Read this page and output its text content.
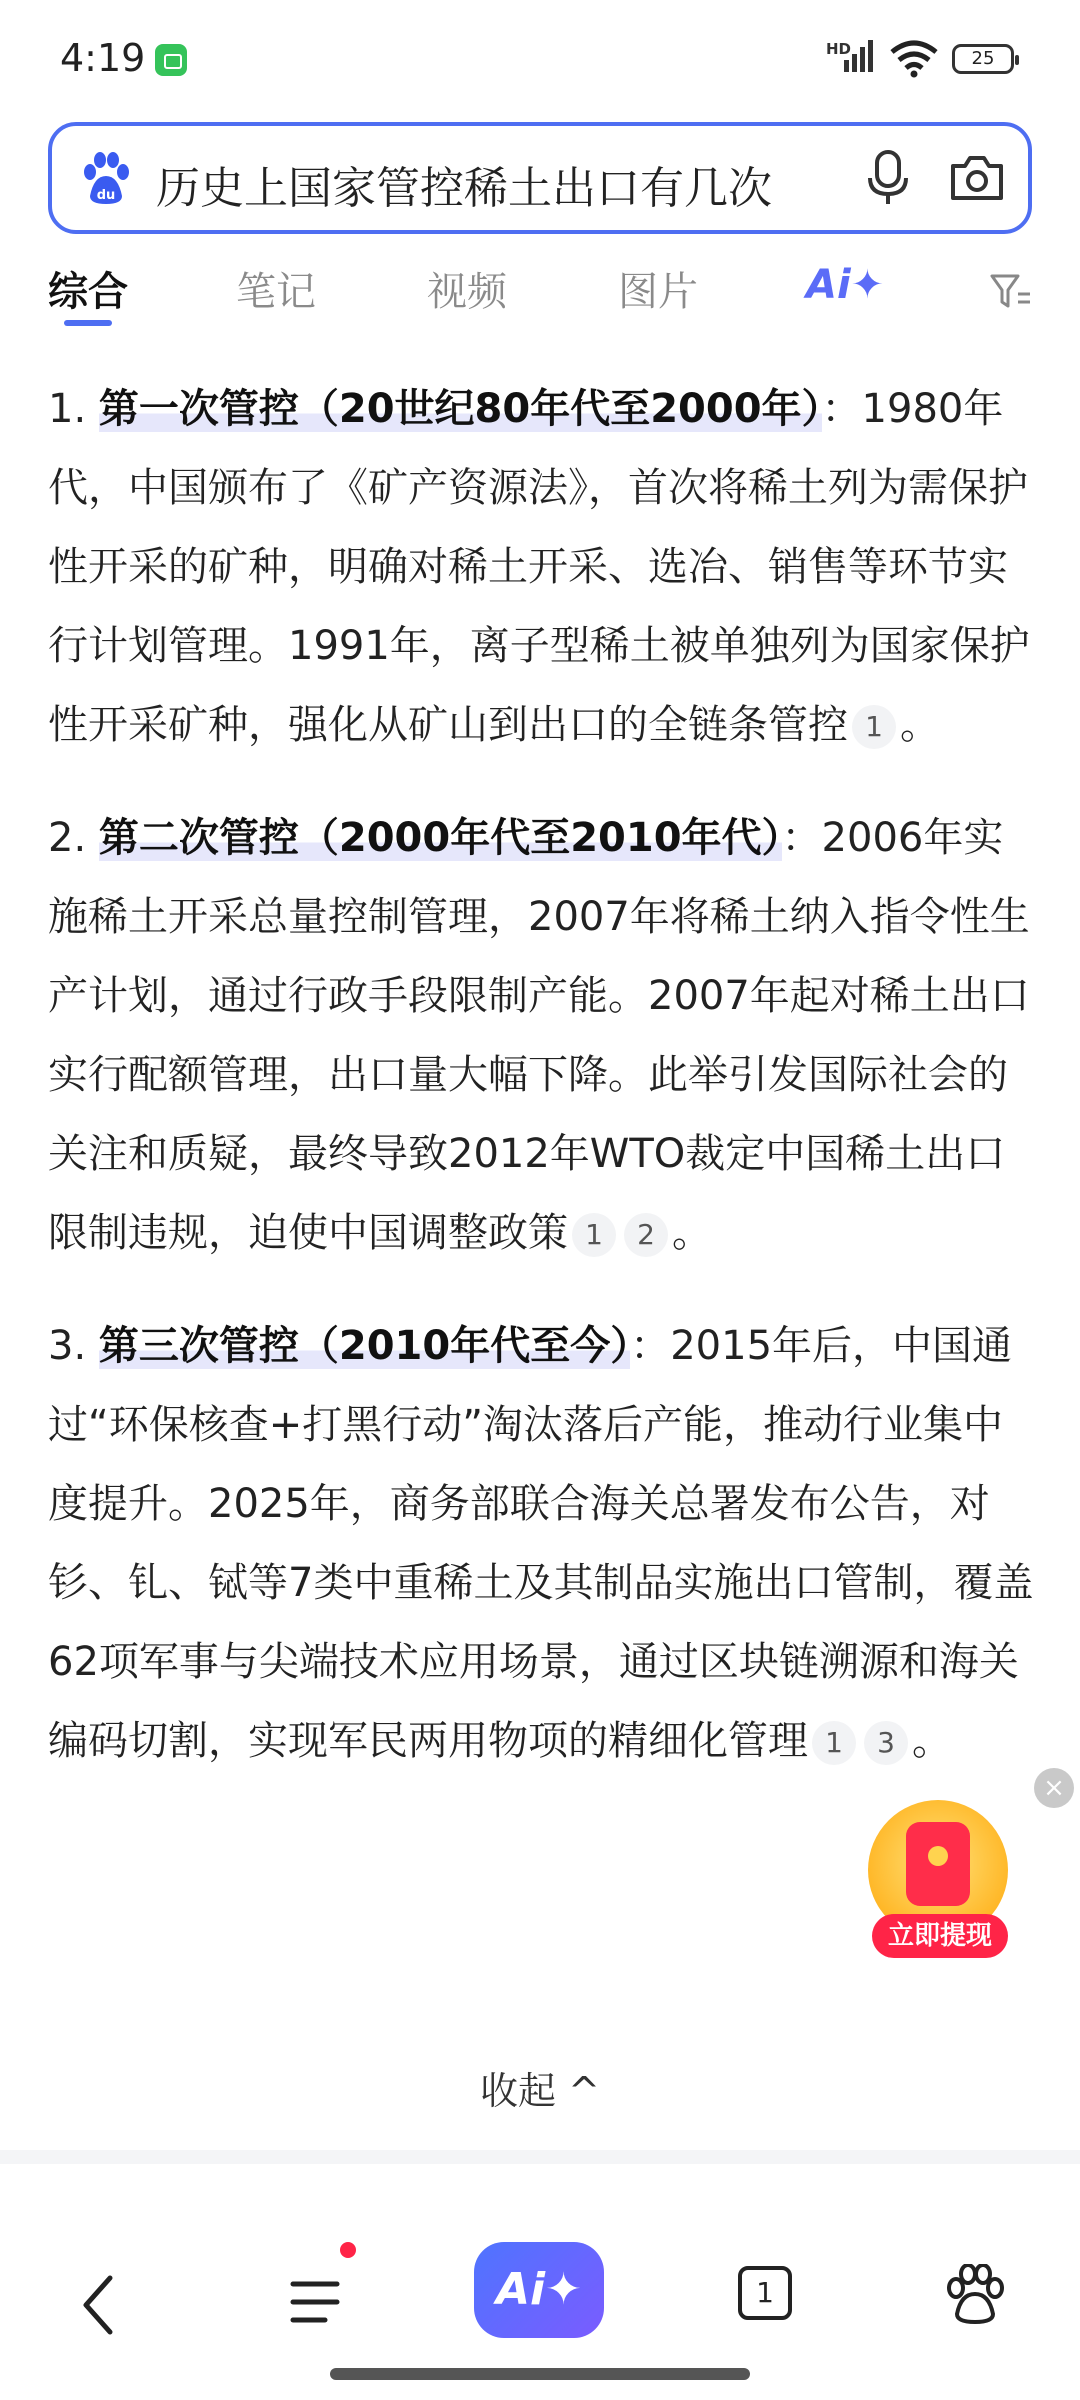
4:19	HD	25
du 历史上国家管控稀土出口有几次
综合	笔记	视频	图片	Ai✦

1. 第一次管控（20世纪80年代至2000年）：1980年代，中国颁布了《矿产资源法》，首次将稀土列为需保护性开采的矿种，明确对稀土开采、选冶、销售等环节实行计划管理。1991年，离子型稀土被单独列为国家保护性开采矿种，强化从矿山到出口的全链条管控 1 。

2. 第二次管控（2000年代至2010年代）：2006年实施稀土开采总量控制管理，2007年将稀土纳入指令性生产计划，通过行政手段限制产能。2007年起对稀土出口实行配额管理，出口量大幅下降。此举引发国际社会的关注和质疑，最终导致2012年WTO裁定中国稀土出口限制违规，迫使中国调整政策 1 2 。

3. 第三次管控（2010年代至今）：2015年后，中国通过“环保核查+打黑行动”淘汰落后产能，推动行业集中度提升。2025年，商务部联合海关总署发布公告，对钐、钆、铽等7类中重稀土及其制品实施出口管制，覆盖62项军事与尖端技术应用场景，通过区块链溯源和海关编码切割，实现军民两用物项的精细化管理 1 3 。

收起 ^
立即提现
×
Ai✦	1
